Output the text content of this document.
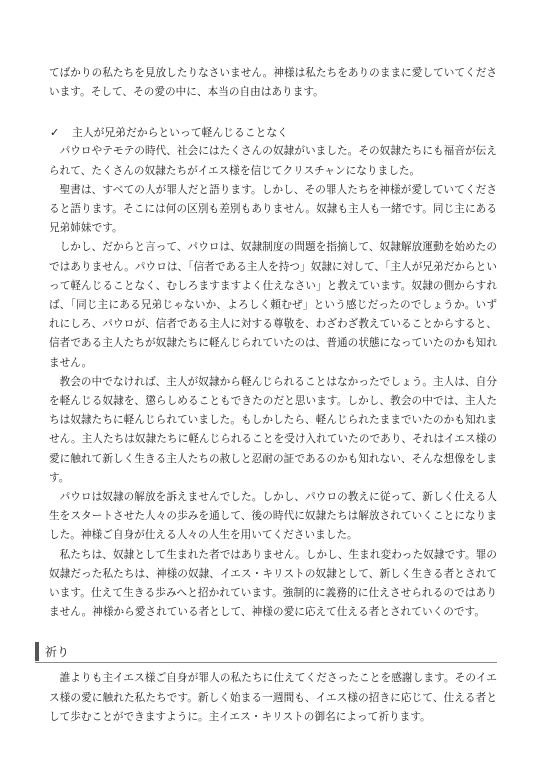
てばかりの私たちを見放したりなさいません。神様は私たちをありのままに愛していてくださいます。そして、その愛の中に、本当の自由はあります。

✓	主人が兄弟だからといって軽んじることなく

パウロやテモテの時代、社会にはたくさんの奴隷がいました。その奴隷たちにも福音が伝えられて、たくさんの奴隷たちがイエス様を信じてクリスチャンになりました。

聖書は、すべての人が罪人だと語ります。しかし、その罪人たちを神様が愛していてくださると語ります。そこには何の区別も差別もありません。奴隷も主人も一緒です。同じ主にある兄弟姉妹です。

しかし、だからと言って、パウロは、奴隷制度の問題を指摘して、奴隷解放運動を始めたのではありません。パウロは、「信者である主人を持つ」奴隷に対して、「主人が兄弟だからといって軽んじることなく、むしろますますよく仕えなさい」と教えています。奴隷の側からすれば、「同じ主にある兄弟じゃないか、よろしく頼むぜ」という感じだったのでしょうか。いずれにしろ、パウロが、信者である主人に対する尊敬を、わざわざ教えていることからすると、信者である主人たちが奴隷たちに軽んじられていたのは、普通の状態になっていたのかも知れません。

教会の中でなければ、主人が奴隷から軽んじられることはなかったでしょう。主人は、自分を軽んじる奴隷を、懲らしめることもできたのだと思います。しかし、教会の中では、主人たちは奴隷たちに軽んじられていました。もしかしたら、軽んじられたままでいたのかも知れません。主人たちは奴隷たちに軽んじられることを受け入れていたのであり、それはイエス様の愛に触れて新しく生きる主人たちの赦しと忍耐の証であるのかも知れない、そんな想像をします。

パウロは奴隷の解放を訴えませんでした。しかし、パウロの教えに従って、新しく仕える人生をスタートさせた人々の歩みを通して、後の時代に奴隷たちは解放されていくことになりました。神様ご自身が仕える人々の人生を用いてくださいました。

私たちは、奴隷として生まれた者ではありません。しかし、生まれ変わった奴隷です。罪の奴隷だった私たちは、神様の奴隷、イエス・キリストの奴隷として、新しく生きる者とされています。仕えて生きる歩みへと招かれています。強制的に義務的に仕えさせられるのではありません。神様から愛されている者として、神様の愛に応えて仕える者とされていくのです。

祈り

誰よりも主イエス様ご自身が罪人の私たちに仕えてくださったことを感謝します。そのイエス様の愛に触れた私たちです。新しく始まる一週間も、イエス様の招きに応じて、仕える者として歩むことができますように。主イエス・キリストの御名によって祈ります。
